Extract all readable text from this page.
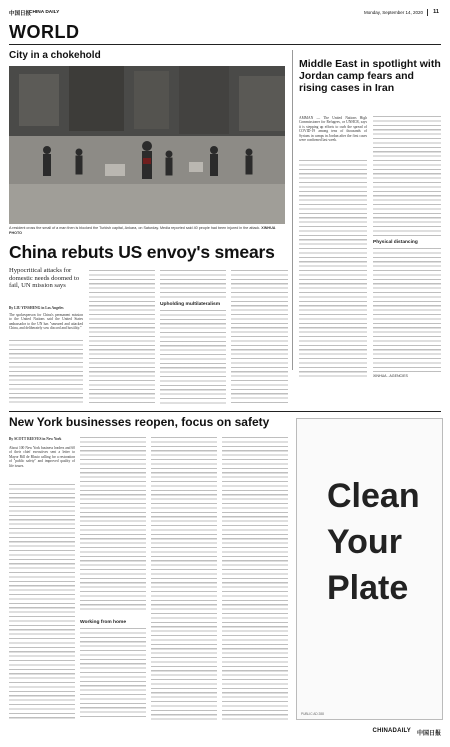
中国日报
CHINA DAILY	Monday, September 14, 2020 11
WORLD
City in a chokehold
A resident cross the small of a man then is blocked the Turkish capital, Ankara, on Saturday. Media reported said 40 people had been injured in the attack. XINHUA PHOTO
Middle East in spotlight with Jordan camp fears and rising cases in Iran
AMMAN — The United Nations High Commissioner for Refugees, or UNHCR, says it is stepping up efforts to curb the spread of COVID-19 among tens of thousands of Syrians in camps in Jordan after the first cases were confirmed last week.
Physical distancing
XINHUA - AGENCIES
China rebuts US envoy's smears
Hypocritical attacks for domestic needs doomed to fail, UN mission says
By LIU YINSHENG in Los Angeles
The spokesperson for China's permanent mission to the United Nations said the United States ambassador to the UN has "smeared and attacked China, and deliberately sow discord and hostility."
Upholding multilateralism
New York businesses reopen, focus on safety
By SCOTT REEVES in New York
About 100 New York business leaders and 60 of their chief executives sent a letter to Mayor Bill de Blasio calling for a restoration of "public safety" and improved quality of life issues.
Working from home
Clean
Your
Plate
PUBLIC AD 288
CHINADAILY 中国日报
